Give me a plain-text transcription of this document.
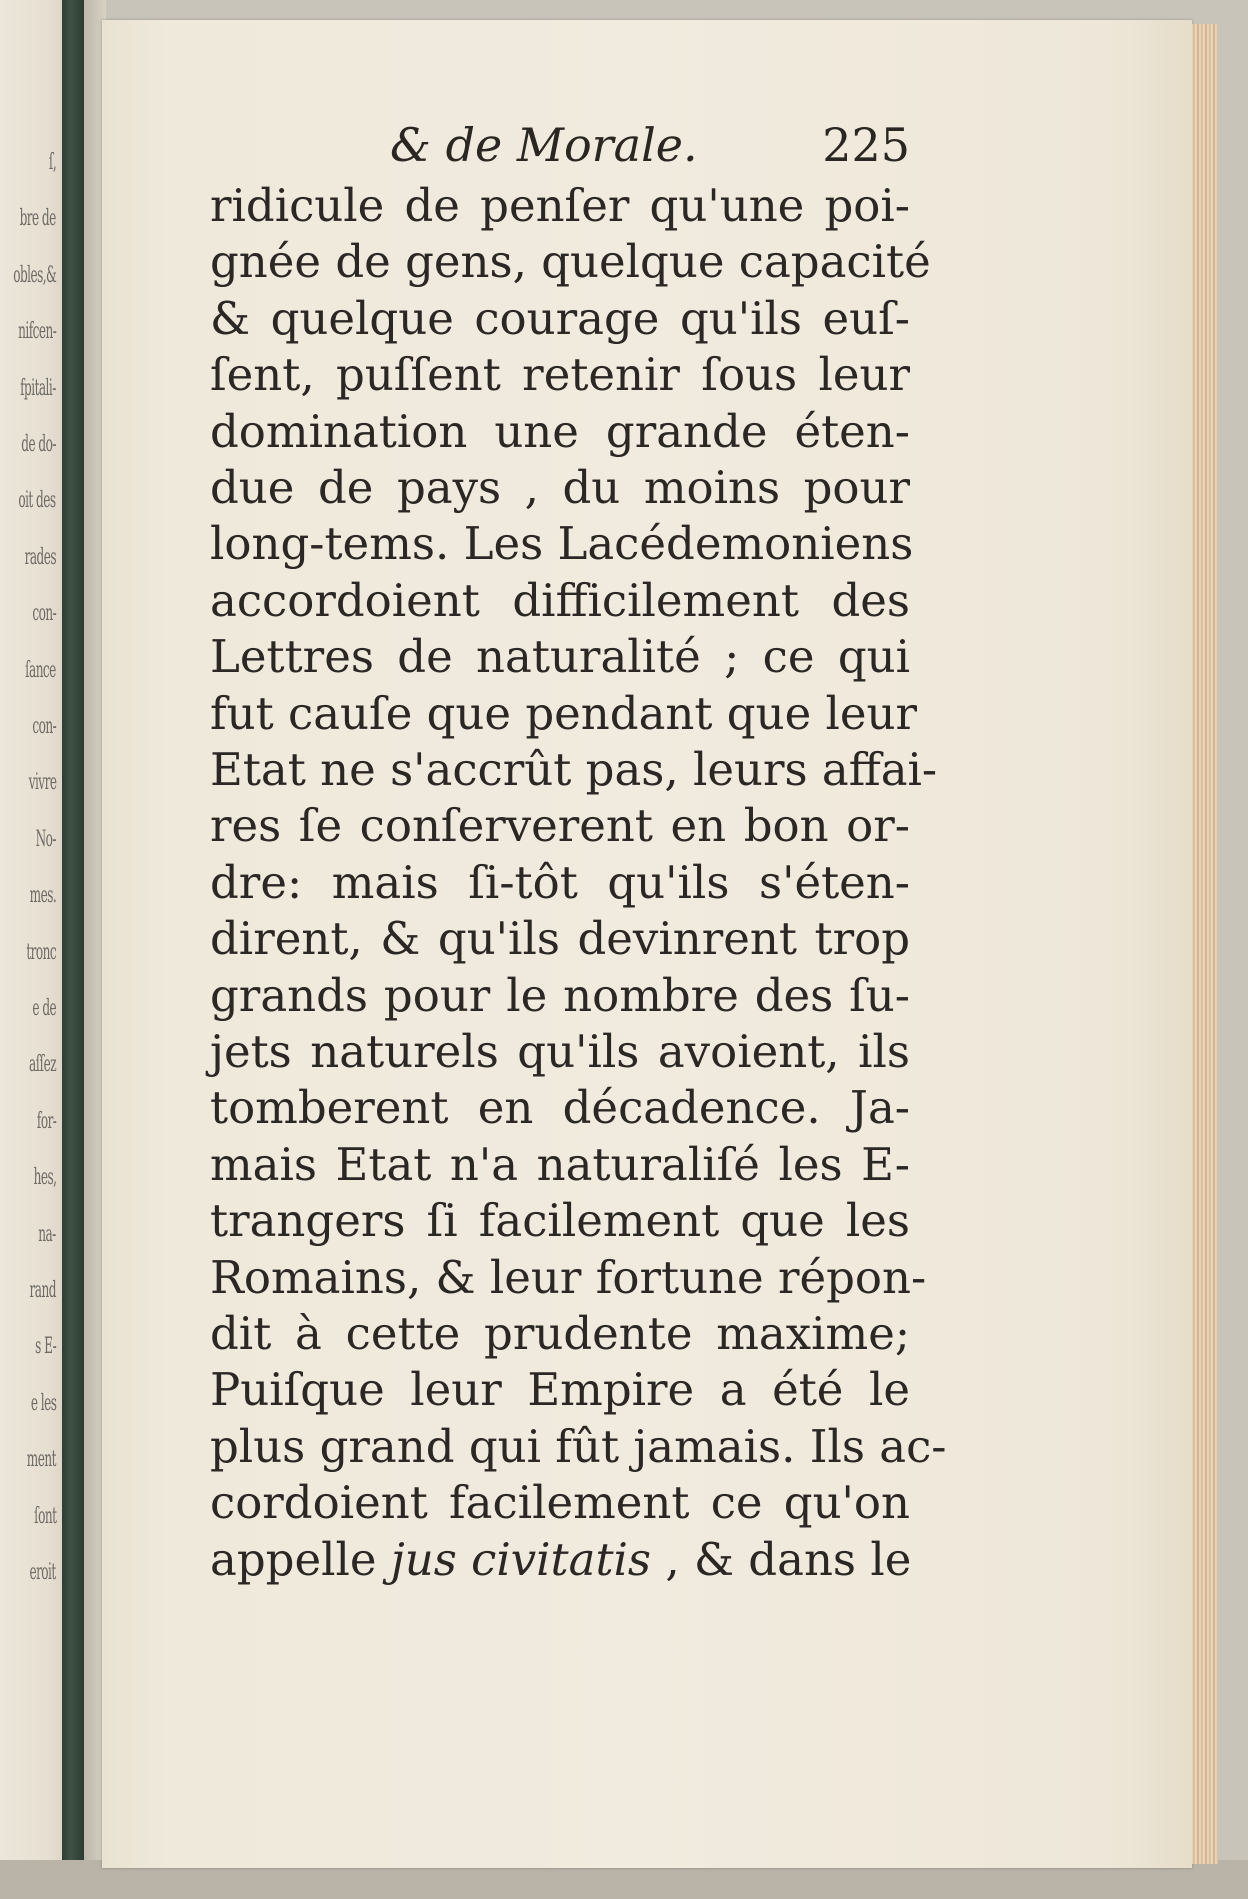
ſ,
bre de
obles,&
nifcen-
fpitali-
de do-
oit des
rades
con-
ſance
con-
vivre
No-
mes.
tronc
e de
aſſez
for-
hes,
na-
rand
s E-
e les
ment
ſont
eroit
& de Morale.	225
ridicule de penſer qu'une poi-
gnée de gens, quelque capacité
& quelque courage qu'ils euſ-
ſent, puſſent retenir ſous leur
domination une grande éten-
due de pays , du moins pour
long-tems. Les Lacédemoniens
accordoient difficilement des
Lettres de naturalité ; ce qui
fut cauſe que pendant que leur
Etat ne s'accrût pas, leurs affai-
res ſe conſerverent en bon or-
dre: mais ſi-tôt qu'ils s'éten-
dirent, & qu'ils devinrent trop
grands pour le nombre des ſu-
jets naturels qu'ils avoient, ils
tomberent en décadence. Ja-
mais Etat n'a naturaliſé les E-
trangers ſi facilement que les
Romains, & leur fortune répon-
dit à cette prudente maxime;
Puiſque leur Empire a été le
plus grand qui fût jamais. Ils ac-
cordoient facilement ce qu'on
appelle jus civitatis , & dans le
